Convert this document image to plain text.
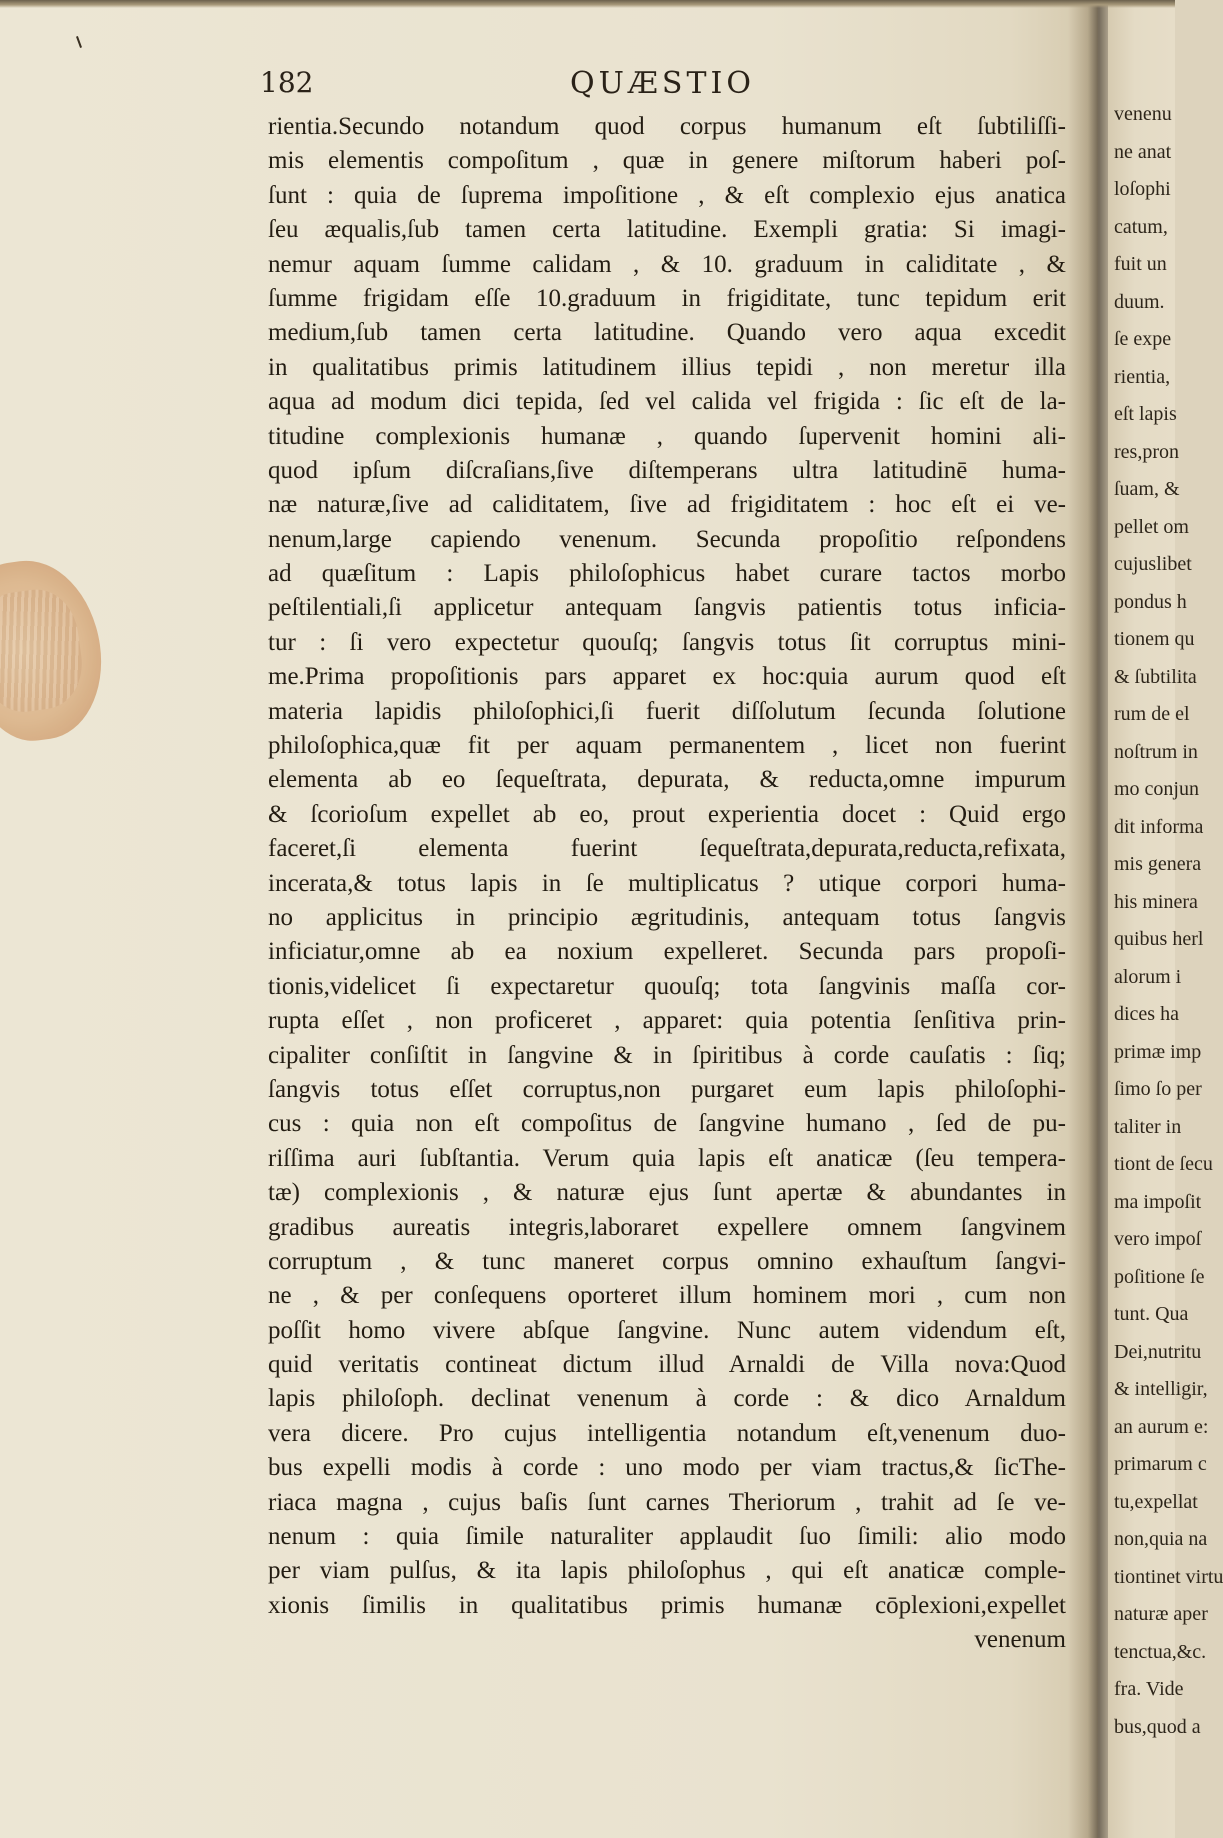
182	QUÆSTIO
rientia.Secundo notandum quod corpus humanum eſt ſubtiliſſi-
mis elementis compoſitum , quæ in genere miſtorum haberi poſ-
ſunt : quia de ſuprema impoſitione , & eſt complexio ejus anatica
ſeu æqualis,ſub tamen certa latitudine. Exempli gratia: Si imagi-
nemur aquam ſumme calidam , & 10. graduum in caliditate , &
ſumme frigidam eſſe 10.graduum in frigiditate, tunc tepidum erit
medium,ſub tamen certa latitudine. Quando vero aqua excedit
in qualitatibus primis latitudinem illius tepidi , non meretur illa
aqua ad modum dici tepida, ſed vel calida vel frigida : ſic eſt de la-
titudine complexionis humanæ , quando ſupervenit homini ali-
quod ipſum diſcraſians,ſive diſtemperans ultra latitudinē huma-
næ naturæ,ſive ad caliditatem, ſive ad frigiditatem : hoc eſt ei ve-
nenum,large capiendo venenum. Secunda propoſitio reſpondens
ad quæſitum : Lapis philoſophicus habet curare tactos morbo
peſtilentiali,ſi applicetur antequam ſangvis patientis totus inficia-
tur : ſi vero expectetur quouſq; ſangvis totus ſit corruptus mini-
me.Prima propoſitionis pars apparet ex hoc:quia aurum quod eſt
materia lapidis philoſophici,ſi fuerit diſſolutum ſecunda ſolutione
philoſophica,quæ fit per aquam permanentem , licet non fuerint
elementa ab eo ſequeſtrata, depurata, & reducta,omne impurum
& ſcorioſum expellet ab eo, prout experientia docet : Quid ergo
faceret,ſi elementa fuerint ſequeſtrata,depurata,reducta,refixata,
incerata,& totus lapis in ſe multiplicatus ? utique corpori huma-
no applicitus in principio ægritudinis, antequam totus ſangvis
inficiatur,omne ab ea noxium expelleret. Secunda pars propoſi-
tionis,videlicet ſi expectaretur quouſq; tota ſangvinis maſſa cor-
rupta eſſet , non proficeret , apparet: quia potentia ſenſitiva prin-
cipaliter conſiſtit in ſangvine & in ſpiritibus à corde cauſatis : ſiq;
ſangvis totus eſſet corruptus,non purgaret eum lapis philoſophi-
cus : quia non eſt compoſitus de ſangvine humano , ſed de pu-
riſſima auri ſubſtantia. Verum quia lapis eſt anaticæ (ſeu tempera-
tæ) complexionis , & naturæ ejus ſunt apertæ & abundantes in
gradibus aureatis integris,laboraret expellere omnem ſangvinem
corruptum , & tunc maneret corpus omnino exhauſtum ſangvi-
ne , & per conſequens oporteret illum hominem mori , cum non
poſſit homo vivere abſque ſangvine. Nunc autem videndum eſt,
quid veritatis contineat dictum illud Arnaldi de Villa nova:Quod
lapis philoſoph. declinat venenum à corde : & dico Arnaldum
vera dicere. Pro cujus intelligentia notandum eſt,venenum duo-
bus expelli modis à corde : uno modo per viam tractus,& ſicThe-
riaca magna , cujus baſis ſunt carnes Theriorum , trahit ad ſe ve-
nenum : quia ſimile naturaliter applaudit ſuo ſimili: alio modo
per viam pulſus, & ita lapis philoſophus , qui eſt anaticæ comple-
xionis ſimilis in qualitatibus primis humanæ cōplexioni,expellet
venenum
venenu
ne anat
loſophi
catum,
fuit un
duum.
ſe expe
rientia,
eſt lapis
res,pron
ſuam, &
pellet om
cujuslibet
pondus h
tionem qu
& ſubtilita
rum de el
noſtrum in
mo conjun
dit informa
mis genera
his minera
quibus herl
alorum i
dices ha
primæ imp
ſimo ſo per
taliter in
tiont de ſecu
ma impoſit
vero impoſ
poſitione ſe
tunt. Qua
Dei,nutritu
& intelligir,
an aurum e:
primarum c
tu,expellat
non,quia na
tiontinet virtu
naturæ aper
tenctua,&c.
fra. Vide
bus,quod a
